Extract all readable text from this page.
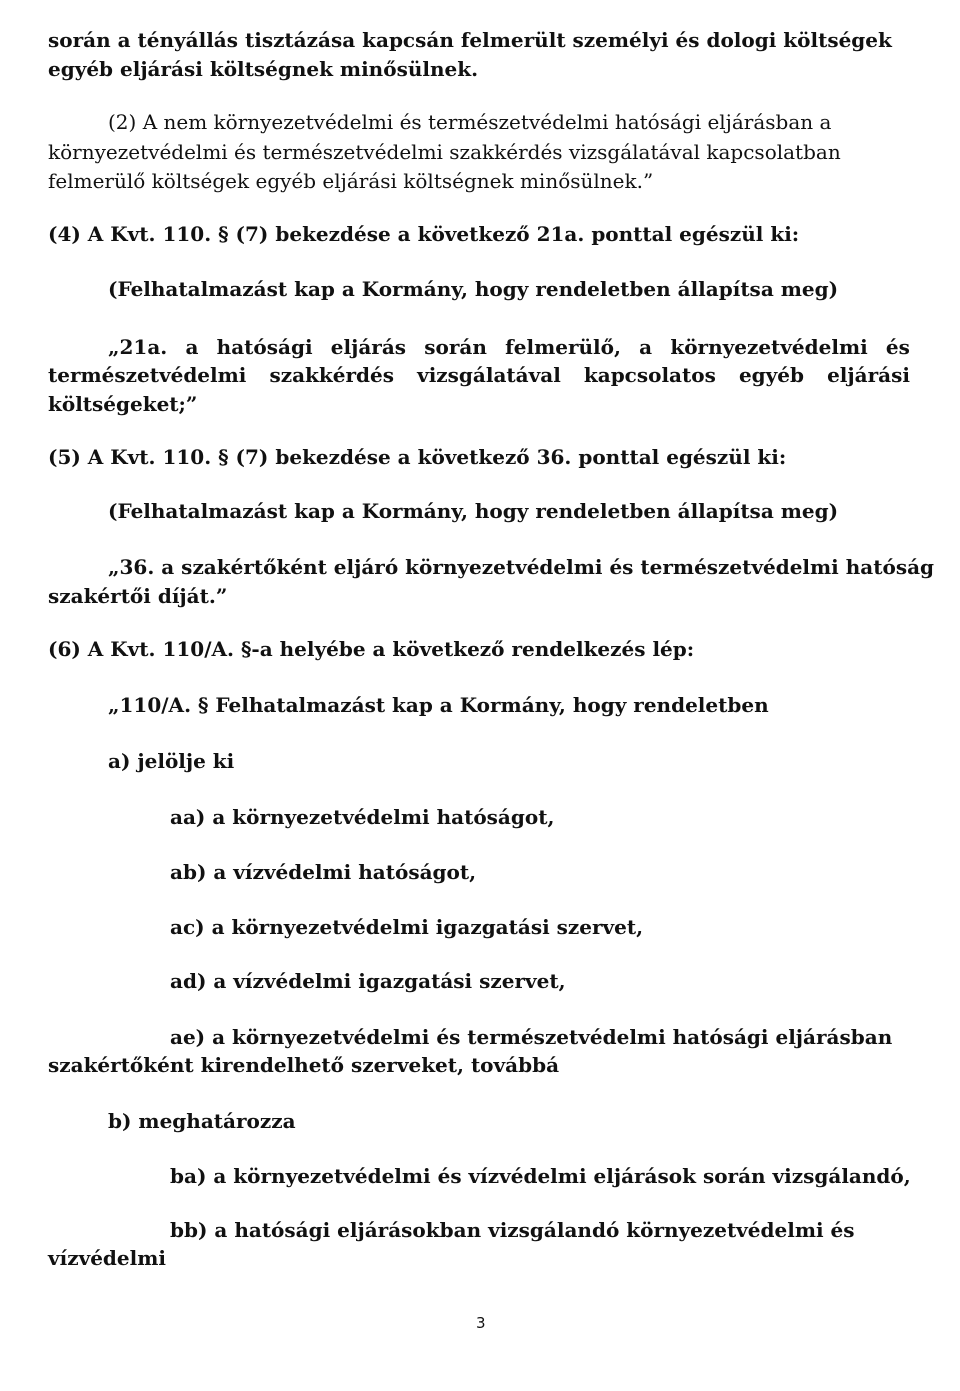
során a tényállás tisztázása kapcsán felmerült személyi és dologi költségek

egyéb eljárási költségnek minősülnek.

(2) A nem környezetvédelmi és természetvédelmi hatósági eljárásban a

környezetvédelmi és természetvédelmi szakkérdés vizsgálatával kapcsolatban

felmerülő költségek egyéb eljárási költségnek minősülnek.”

(4) A Kvt. 110. § (7) bekezdése a következő 21a. ponttal egészül ki:

(Felhatalmazást kap a Kormány, hogy rendeletben állapítsa meg)

„21a. a hatósági eljárás során felmerülő, a környezetvédelmi és
természetvédelmi szakkérdés vizsgálatával kapcsolatos egyéb eljárási

költségeket;”

(5) A Kvt. 110. § (7) bekezdése a következő 36. ponttal egészül ki:

(Felhatalmazást kap a Kormány, hogy rendeletben állapítsa meg)

„36. a szakértőként eljáró környezetvédelmi és természetvédelmi hatóság

szakértői díját.”

(6) A Kvt. 110/A. §-a helyébe a következő rendelkezés lép:

„110/A. § Felhatalmazást kap a Kormány, hogy rendeletben

a) jelölje ki

aa) a környezetvédelmi hatóságot,

ab) a vízvédelmi hatóságot,

ac) a környezetvédelmi igazgatási szervet,

ad) a vízvédelmi igazgatási szervet,

ae) a környezetvédelmi és természetvédelmi hatósági eljárásban

szakértőként kirendelhető szerveket, továbbá

b) meghatározza

ba) a környezetvédelmi és vízvédelmi eljárások során vizsgálandó,

bb) a hatósági eljárásokban vizsgálandó környezetvédelmi és

vízvédelmi

3
